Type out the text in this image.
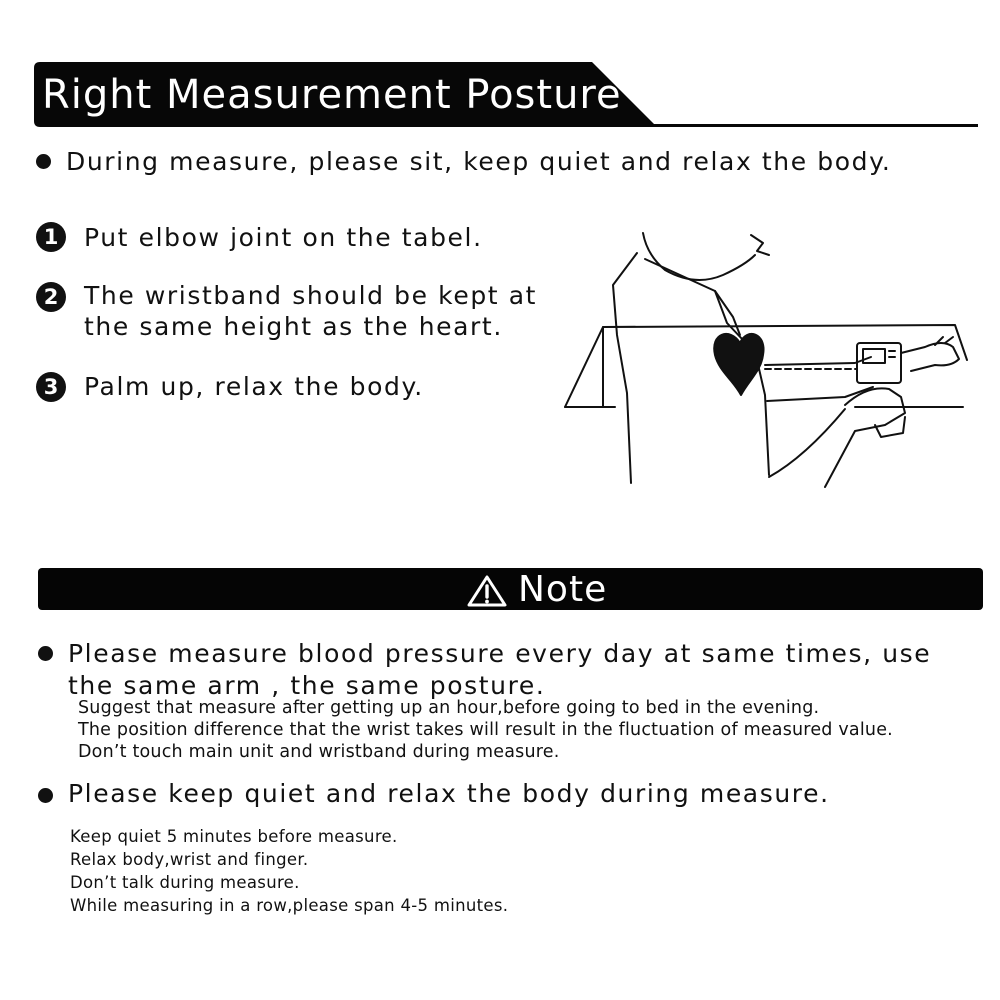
Right Measurement Posture
During measure, please sit, keep quiet and relax the body.
1	Put elbow joint on the tabel.
2	The wristband should be kept at
the same height as the heart.
3	Palm up, relax the body.
Note
Please measure blood pressure every day at same times, use
the same arm , the same posture.
Suggest that measure after getting up an hour,before going to bed in the evening.
The position difference that the wrist takes will result in the fluctuation of measured value.
Don’t touch main unit and wristband during measure.
Please keep quiet and relax the body during measure.
Keep quiet 5 minutes before measure.
Relax body,wrist and finger.
Don’t talk during measure.
While measuring in a row,please span 4-5 minutes.
